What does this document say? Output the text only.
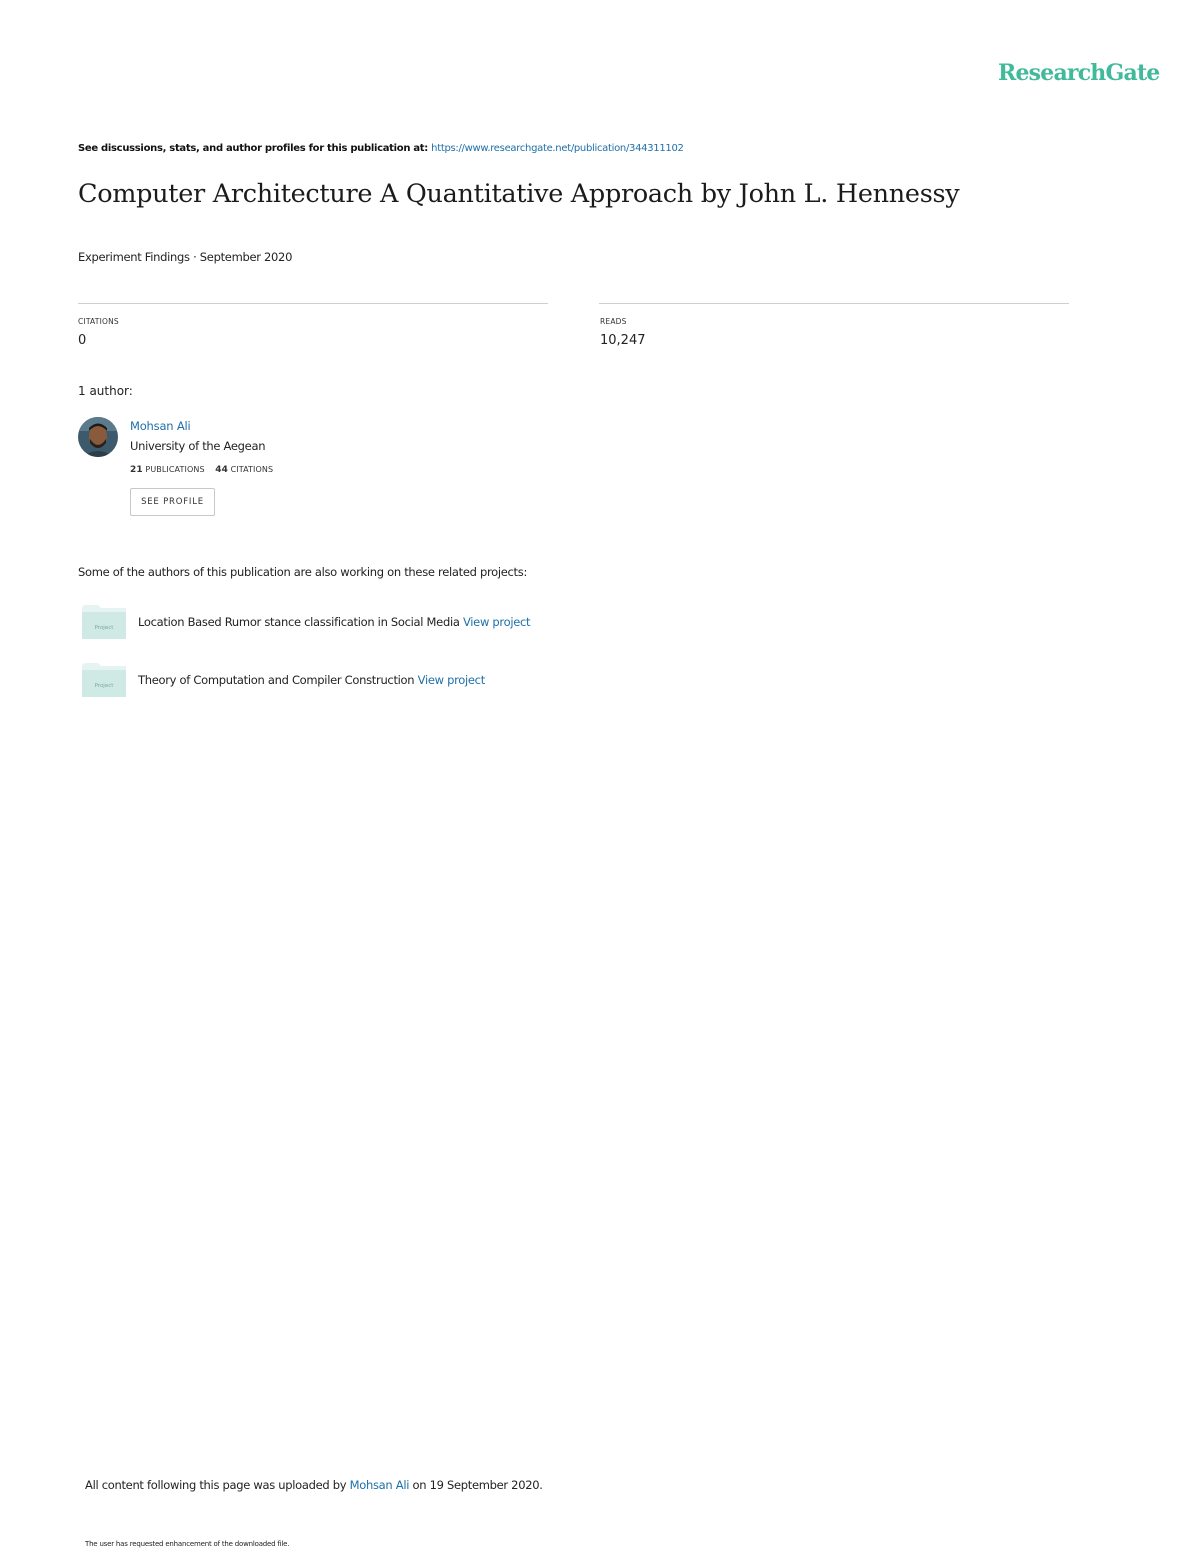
ResearchGate
See discussions, stats, and author profiles for this publication at: https://www.researchgate.net/publication/344311102
Computer Architecture A Quantitative Approach by John L. Hennessy
Experiment Findings · September 2020
CITATIONS
0
READS
10,247
1 author:
Mohsan Ali
University of the Aegean
21 PUBLICATIONS 44 CITATIONS
SEE PROFILE
Some of the authors of this publication are also working on these related projects:
Project Location Based Rumor stance classification in Social Media View project
Project Theory of Computation and Compiler Construction View project
All content following this page was uploaded by Mohsan Ali on 19 September 2020.
The user has requested enhancement of the downloaded file.
